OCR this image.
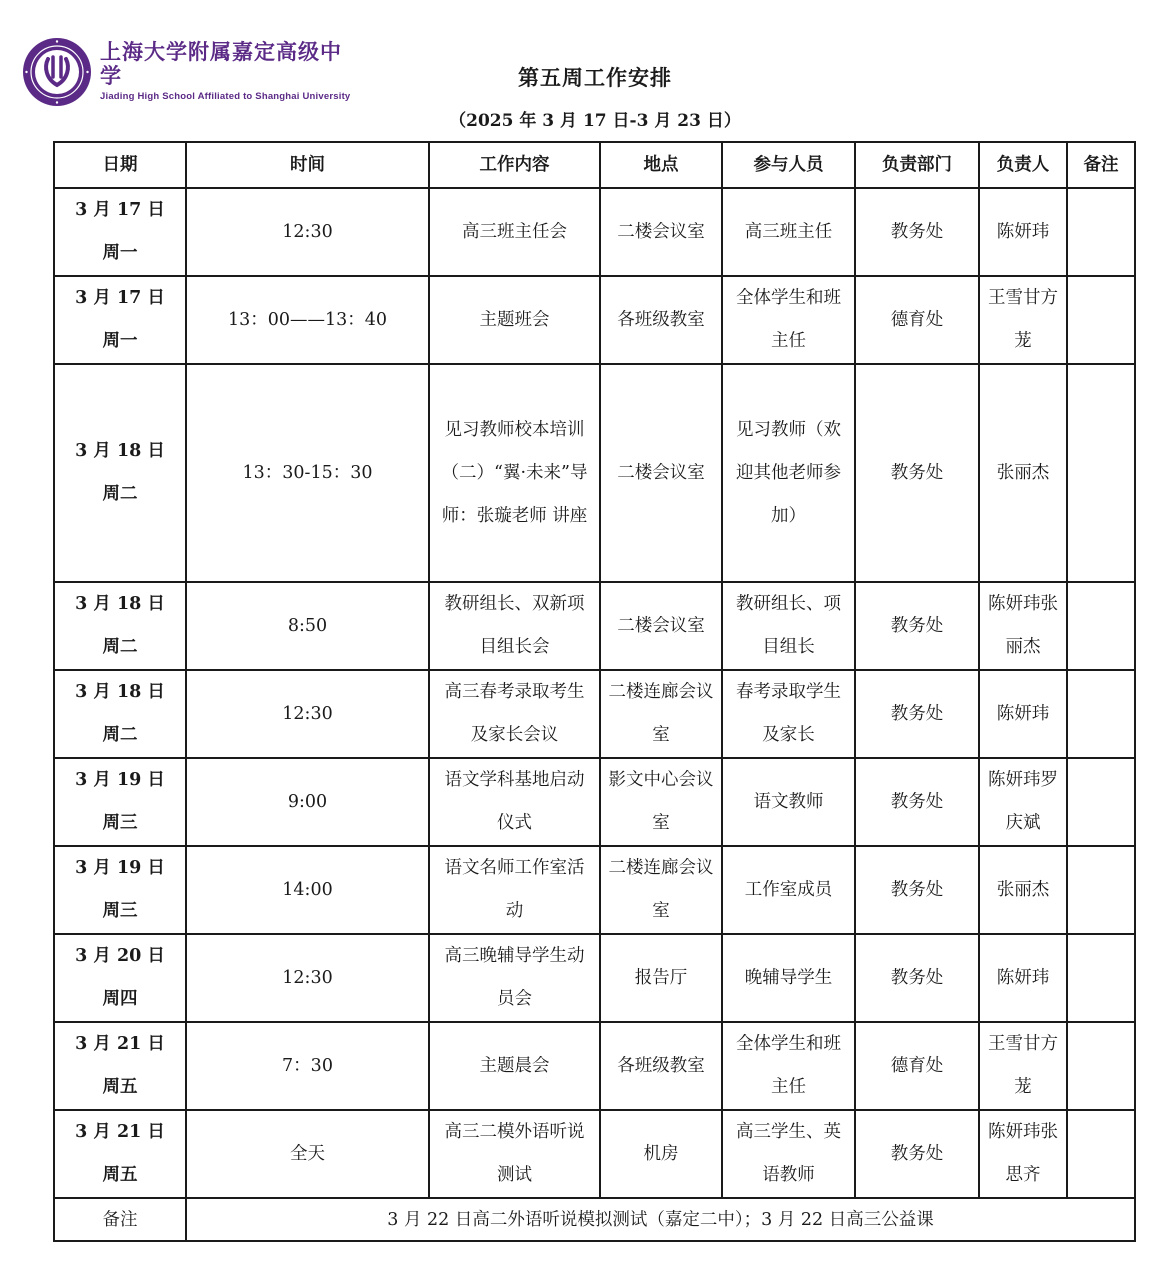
上海大学附属嘉定高级中学
Jiading High School Affiliated to Shanghai University
第五周工作安排
（2025 年 3 月 17 日-3 月 23 日）
日期	时间	工作内容	地点	参与人员	负责部门	负责人	备注

3 月 17 日
周一	12:30	高三班主任会	二楼会议室	高三班主任	教务处	陈妍玮	

3 月 17 日
周一	13：00——13：40	主题班会	各班级教室	全体学生和班主任	德育处	王雪甘方茏	

3 月 18 日
周二	13：30-15：30	见习教师校本培训（二）“翼·未来”导师：张璇老师 讲座	二楼会议室	见习教师（欢迎其他老师参加）	教务处	张丽杰	

3 月 18 日
周二	8:50	教研组长、双新项目组长会	二楼会议室	教研组长、项目组长	教务处	陈妍玮张丽杰	

3 月 18 日
周二	12:30	高三春考录取考生及家长会议	二楼连廊会议室	春考录取学生及家长	教务处	陈妍玮	

3 月 19 日
周三	9:00	语文学科基地启动仪式	影文中心会议室	语文教师	教务处	陈妍玮罗庆斌	

3 月 19 日
周三	14:00	语文名师工作室活动	二楼连廊会议室	工作室成员	教务处	张丽杰	

3 月 20 日
周四	12:30	高三晚辅导学生动员会	报告厅	晚辅导学生	教务处	陈妍玮	

3 月 21 日
周五	7：30	主题晨会	各班级教室	全体学生和班主任	德育处	王雪甘方茏	

3 月 21 日
周五	全天	高三二模外语听说测试	机房	高三学生、英语教师	教务处	陈妍玮张思齐	
备注	3 月 22 日高二外语听说模拟测试（嘉定二中）；3 月 22 日高三公益课						
